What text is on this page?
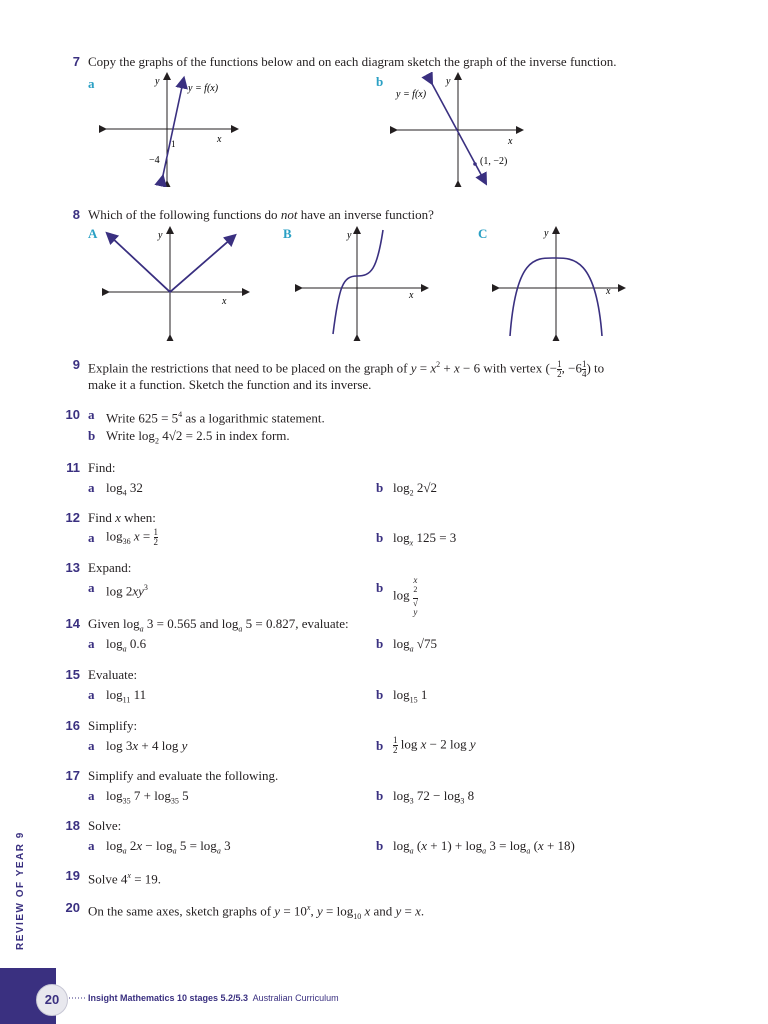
7 Copy the graphs of the functions below and on each diagram sketch the graph of the inverse function.
a	b
y
x
y = f(x)
−4
1
y
x
y = f(x)
(1, −2)
8 Which of the following functions do not have an inverse function?
A	B	C
y
x
y
x
y
x
9 Explain the restrictions that need to be placed on the graph of $y = x^2 + x - 6$ with vertex (− $\frac{1}{2}$ , $-6 \frac{1}{4}$ ) to
make it a function. Sketch the function and its inverse.
10 a Write $625 = 5^4$ as a logarithmic statement.
b Write $\log_2 4√2 = 2.5$ in index form.
11 Find:
a $\log_4 32$	b $\log_2 2√2$
12 Find x when:
a $\log_{36} x = \frac{1}{2}$	b $\log_x 125 = 3$
13 Expand:
a $\log 2xy^3$	b log x
$^2$
√
y
14 Given $\log_a 3 = 0.565$ and $\log_a 5 = 0.827$, evaluate:
a $\log_a 0.6$	b $\log_a √75$
15 Evaluate:
a $\log_{11} 11$	b $\log_{15} 1$
16 Simplify:
a log 3x + 4 log y	b $\frac{1}{2}$ log x − 2 log y
17 Simplify and evaluate the following.
a $\log_{35} 7 + \log_{35} 5$	b $\log_3 72 - \log_3 8$
18 Solve:
a $\log_a 2x - \log_a 5 = \log_a 3$	b $\log_a (x + 1) + \log_a 3 = \log_a (x + 18)$
19 Solve $4^x = 19$.
20 On the same axes, sketch graphs of $y = 10^x$, $y = \log_{10} x$ and y = x.
REVIEW OF YEAR 9
20	Insight Mathematics 10 stages 5.2/5.3 Australian Curriculum
